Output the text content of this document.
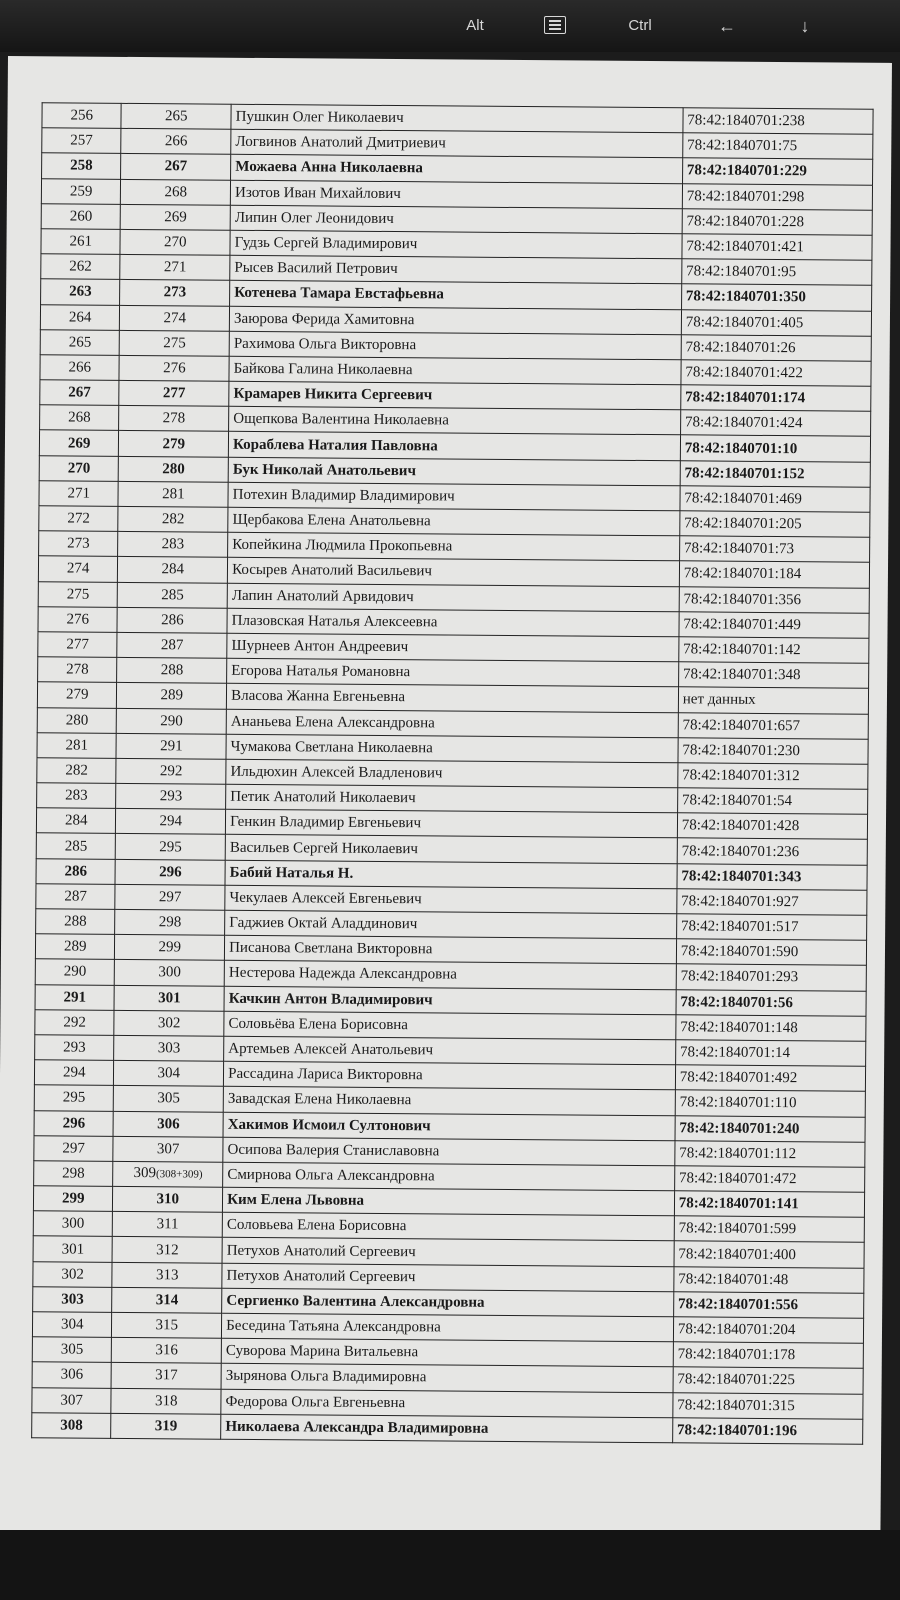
Alt	Ctrl	←	↓
256	265	Пушкин Олег Николаевич	78:42:1840701:238
257	266	Логвинов Анатолий Дмитриевич	78:42:1840701:75
258	267	Можаева Анна Николаевна	78:42:1840701:229
259	268	Изотов Иван Михайлович	78:42:1840701:298
260	269	Липин Олег Леонидович	78:42:1840701:228
261	270	Гудзь Сергей Владимирович	78:42:1840701:421
262	271	Рысев Василий Петрович	78:42:1840701:95
263	273	Котенева Тамара Евстафьевна	78:42:1840701:350
264	274	Заюрова Ферида Хамитовна	78:42:1840701:405
265	275	Рахимова Ольга Викторовна	78:42:1840701:26
266	276	Байкова Галина Николаевна	78:42:1840701:422
267	277	Крамарев Никита Сергеевич	78:42:1840701:174
268	278	Ощепкова Валентина Николаевна	78:42:1840701:424
269	279	Кораблева Наталия Павловна	78:42:1840701:10
270	280	Бук Николай Анатольевич	78:42:1840701:152
271	281	Потехин Владимир Владимирович	78:42:1840701:469
272	282	Щербакова Елена Анатольевна	78:42:1840701:205
273	283	Копейкина Людмила Прокопьевна	78:42:1840701:73
274	284	Косырев Анатолий Васильевич	78:42:1840701:184
275	285	Лапин Анатолий Арвидович	78:42:1840701:356
276	286	Плазовская Наталья Алексеевна	78:42:1840701:449
277	287	Шурнеев Антон Андреевич	78:42:1840701:142
278	288	Егорова Наталья Романовна	78:42:1840701:348
279	289	Власова Жанна Евгеньевна	нет данных
280	290	Ананьева Елена Александровна	78:42:1840701:657
281	291	Чумакова Светлана Николаевна	78:42:1840701:230
282	292	Ильдюхин Алексей Владленович	78:42:1840701:312
283	293	Петик Анатолий Николаевич	78:42:1840701:54
284	294	Генкин Владимир Евгеньевич	78:42:1840701:428
285	295	Васильев Сергей Николаевич	78:42:1840701:236
286	296	Бабий Наталья Н.	78:42:1840701:343
287	297	Чекулаев Алексей Евгеньевич	78:42:1840701:927
288	298	Гаджиев Октай Аладдинович	78:42:1840701:517
289	299	Писанова Светлана Викторовна	78:42:1840701:590
290	300	Нестерова Надежда Александровна	78:42:1840701:293
291	301	Качкин Антон Владимирович	78:42:1840701:56
292	302	Соловьёва Елена Борисовна	78:42:1840701:148
293	303	Артемьев Алексей Анатольевич	78:42:1840701:14
294	304	Рассадина Лариса Викторовна	78:42:1840701:492
295	305	Завадская Елена Николаевна	78:42:1840701:110
296	306	Хакимов Исмоил Султонович	78:42:1840701:240
297	307	Осипова Валерия Станиславовна	78:42:1840701:112
298	309(308+309)	Смирнова Ольга Александровна	78:42:1840701:472
299	310	Ким Елена Львовна	78:42:1840701:141
300	311	Соловьева Елена Борисовна	78:42:1840701:599
301	312	Петухов Анатолий Сергеевич	78:42:1840701:400
302	313	Петухов Анатолий Сергеевич	78:42:1840701:48
303	314	Сергиенко Валентина Александровна	78:42:1840701:556
304	315	Беседина Татьяна Александровна	78:42:1840701:204
305	316	Суворова Марина Витальевна	78:42:1840701:178
306	317	Зырянова Ольга Владимировна	78:42:1840701:225
307	318	Федорова Ольга Евгеньевна	78:42:1840701:315
308	319	Николаева Александра Владимировна	78:42:1840701:196
